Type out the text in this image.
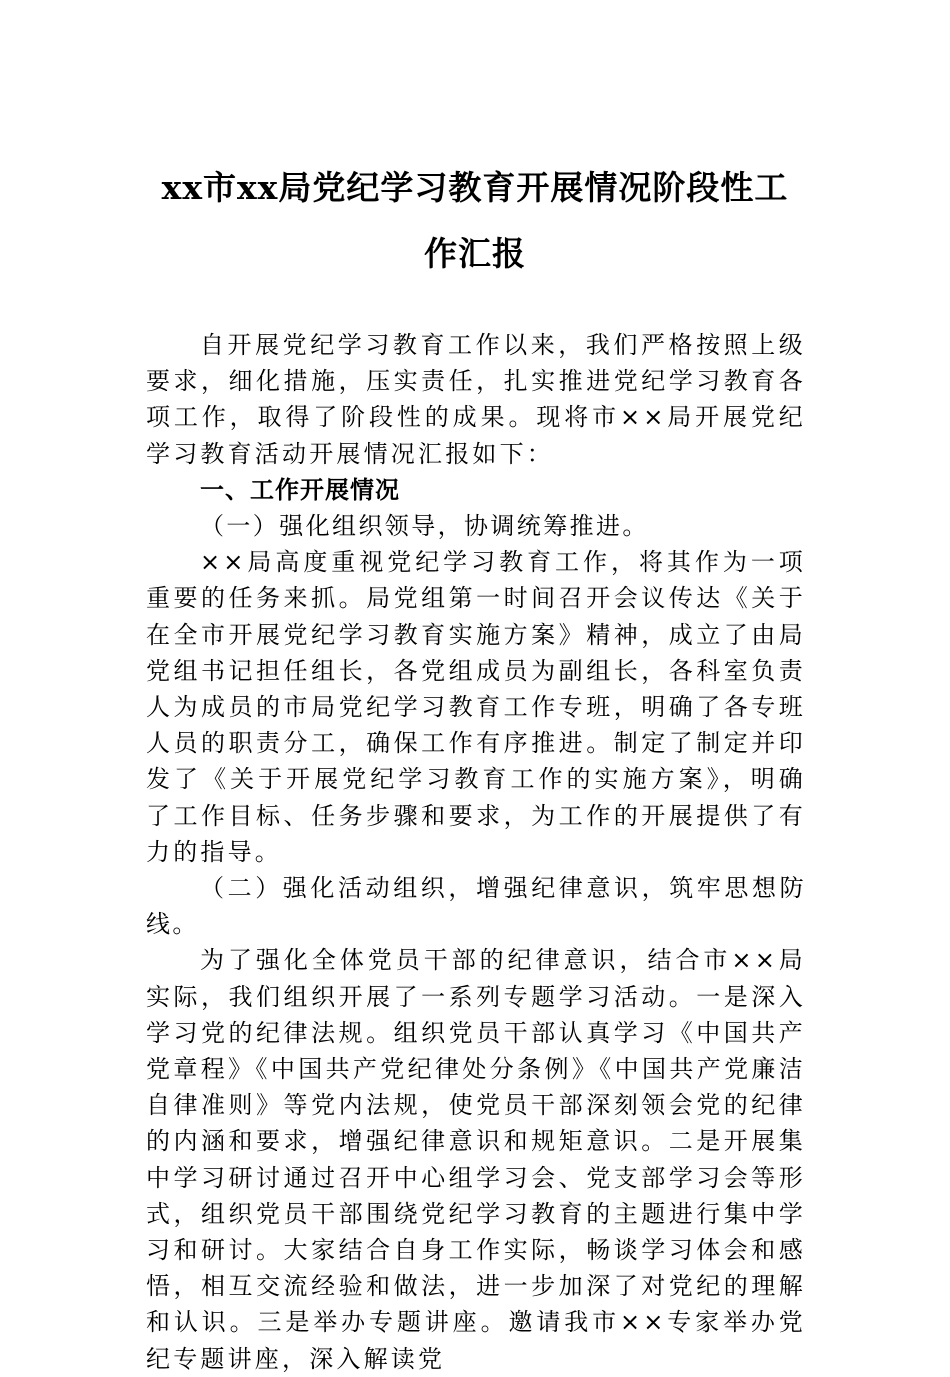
xx市xx局党纪学习教育开展情况阶段性工
作汇报

自开展党纪学习教育工作以来，我们严格按照上级要求，细化措施，压实责任，扎实推进党纪学习教育各项工作，取得了阶段性的成果。现将市××局开展党纪学习教育活动开展情况汇报如下：

一、工作开展情况

（一）强化组织领导，协调统筹推进。

××局高度重视党纪学习教育工作，将其作为一项重要的任务来抓。局党组第一时间召开会议传达《关于在全市开展党纪学习教育实施方案》精神，成立了由局党组书记担任组长，各党组成员为副组长，各科室负责人为成员的市局党纪学习教育工作专班，明确了各专班人员的职责分工，确保工作有序推进。制定了制定并印发了《关于开展党纪学习教育工作的实施方案》，明确了工作目标、任务步骤和要求，为工作的开展提供了有力的指导。

（二）强化活动组织，增强纪律意识，筑牢思想防线。

为了强化全体党员干部的纪律意识，结合市××局实际，我们组织开展了一系列专题学习活动。一是深入学习党的纪律法规。组织党员干部认真学习《中国共产党章程》《中国共产党纪律处分条例》《中国共产党廉洁自律准则》等党内法规，使党员干部深刻领会党的纪律的内涵和要求，增强纪律意识和规矩意识。二是开展集中学习研讨通过召开中心组学习会、党支部学习会等形式，组织党员干部围绕党纪学习教育的主题进行集中学习和研讨。大家结合自身工作实际，畅谈学习体会和感悟，相互交流经验和做法，进一步加深了对党纪的理解和认识。三是举办专题讲座。邀请我市××专家举办党纪专题讲座，深入解读党
